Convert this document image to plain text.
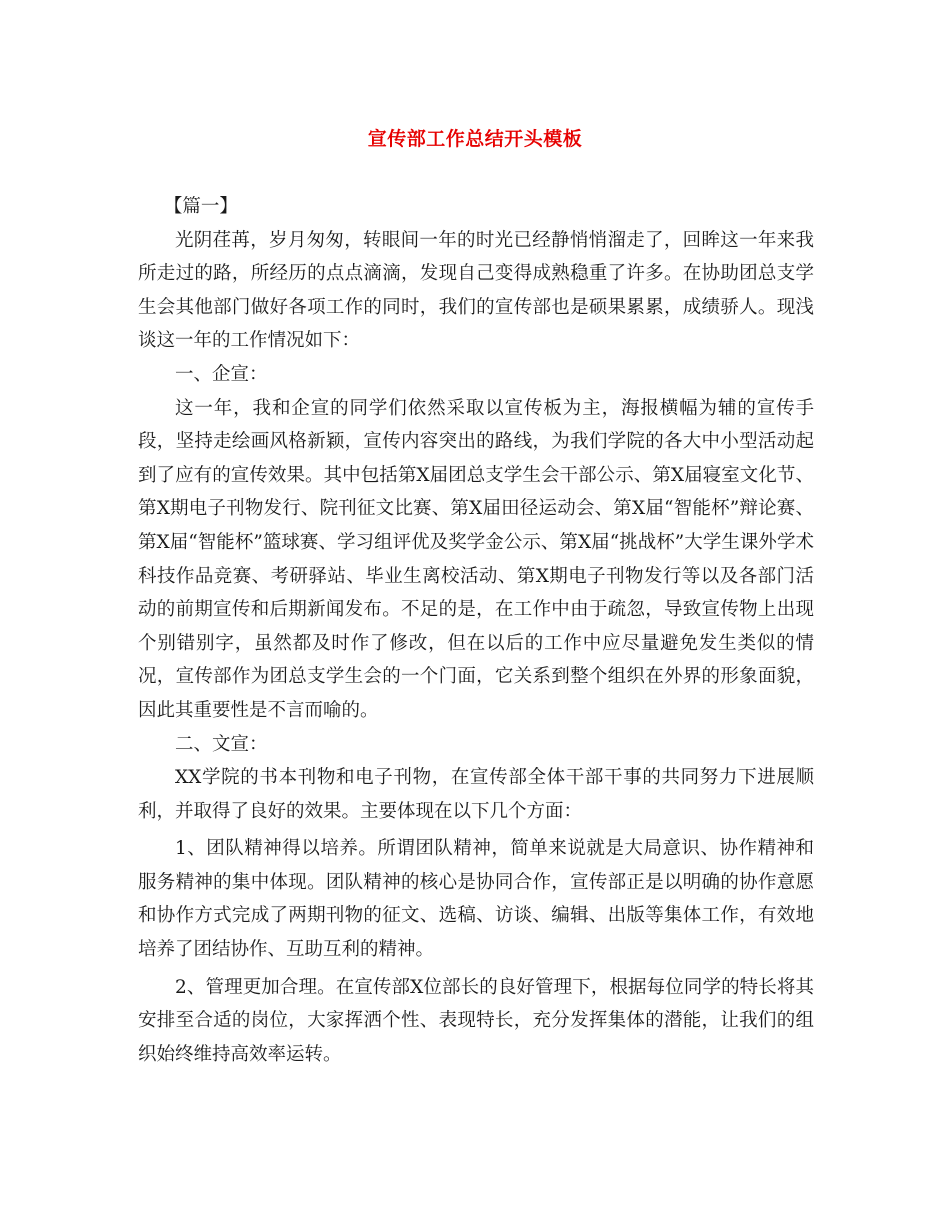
宣传部工作总结开头模板

【篇一】

光阴荏苒，岁月匆匆，转眼间一年的时光已经静悄悄溜走了，回眸这一年来我所走过的路，所经历的点点滴滴，发现自己变得成熟稳重了许多。在协助团总支学生会其他部门做好各项工作的同时，我们的宣传部也是硕果累累，成绩骄人。现浅谈这一年的工作情况如下：

一、企宣：

这一年，我和企宣的同学们依然采取以宣传板为主，海报横幅为辅的宣传手段，坚持走绘画风格新颖，宣传内容突出的路线，为我们学院的各大中小型活动起到了应有的宣传效果。其中包括第X届团总支学生会干部公示、第X届寝室文化节、第X期电子刊物发行、院刊征文比赛、第X届田径运动会、第X届“智能杯”辩论赛、第X届“智能杯”篮球赛、学习组评优及奖学金公示、第X届“挑战杯”大学生课外学术科技作品竞赛、考研驿站、毕业生离校活动、第X期电子刊物发行等以及各部门活动的前期宣传和后期新闻发布。不足的是，在工作中由于疏忽，导致宣传物上出现个别错别字，虽然都及时作了修改，但在以后的工作中应尽量避免发生类似的情况，宣传部作为团总支学生会的一个门面，它关系到整个组织在外界的形象面貌，因此其重要性是不言而喻的。

二、文宣：

XX学院的书本刊物和电子刊物，在宣传部全体干部干事的共同努力下进展顺利，并取得了良好的效果。主要体现在以下几个方面：

1、团队精神得以培养。所谓团队精神，简单来说就是大局意识、协作精神和服务精神的集中体现。团队精神的核心是协同合作，宣传部正是以明确的协作意愿和协作方式完成了两期刊物的征文、选稿、访谈、编辑、出版等集体工作，有效地培养了团结协作、互助互利的精神。

2、管理更加合理。在宣传部X位部长的良好管理下，根据每位同学的特长将其安排至合适的岗位，大家挥洒个性、表现特长，充分发挥集体的潜能，让我们的组织始终维持高效率运转。
